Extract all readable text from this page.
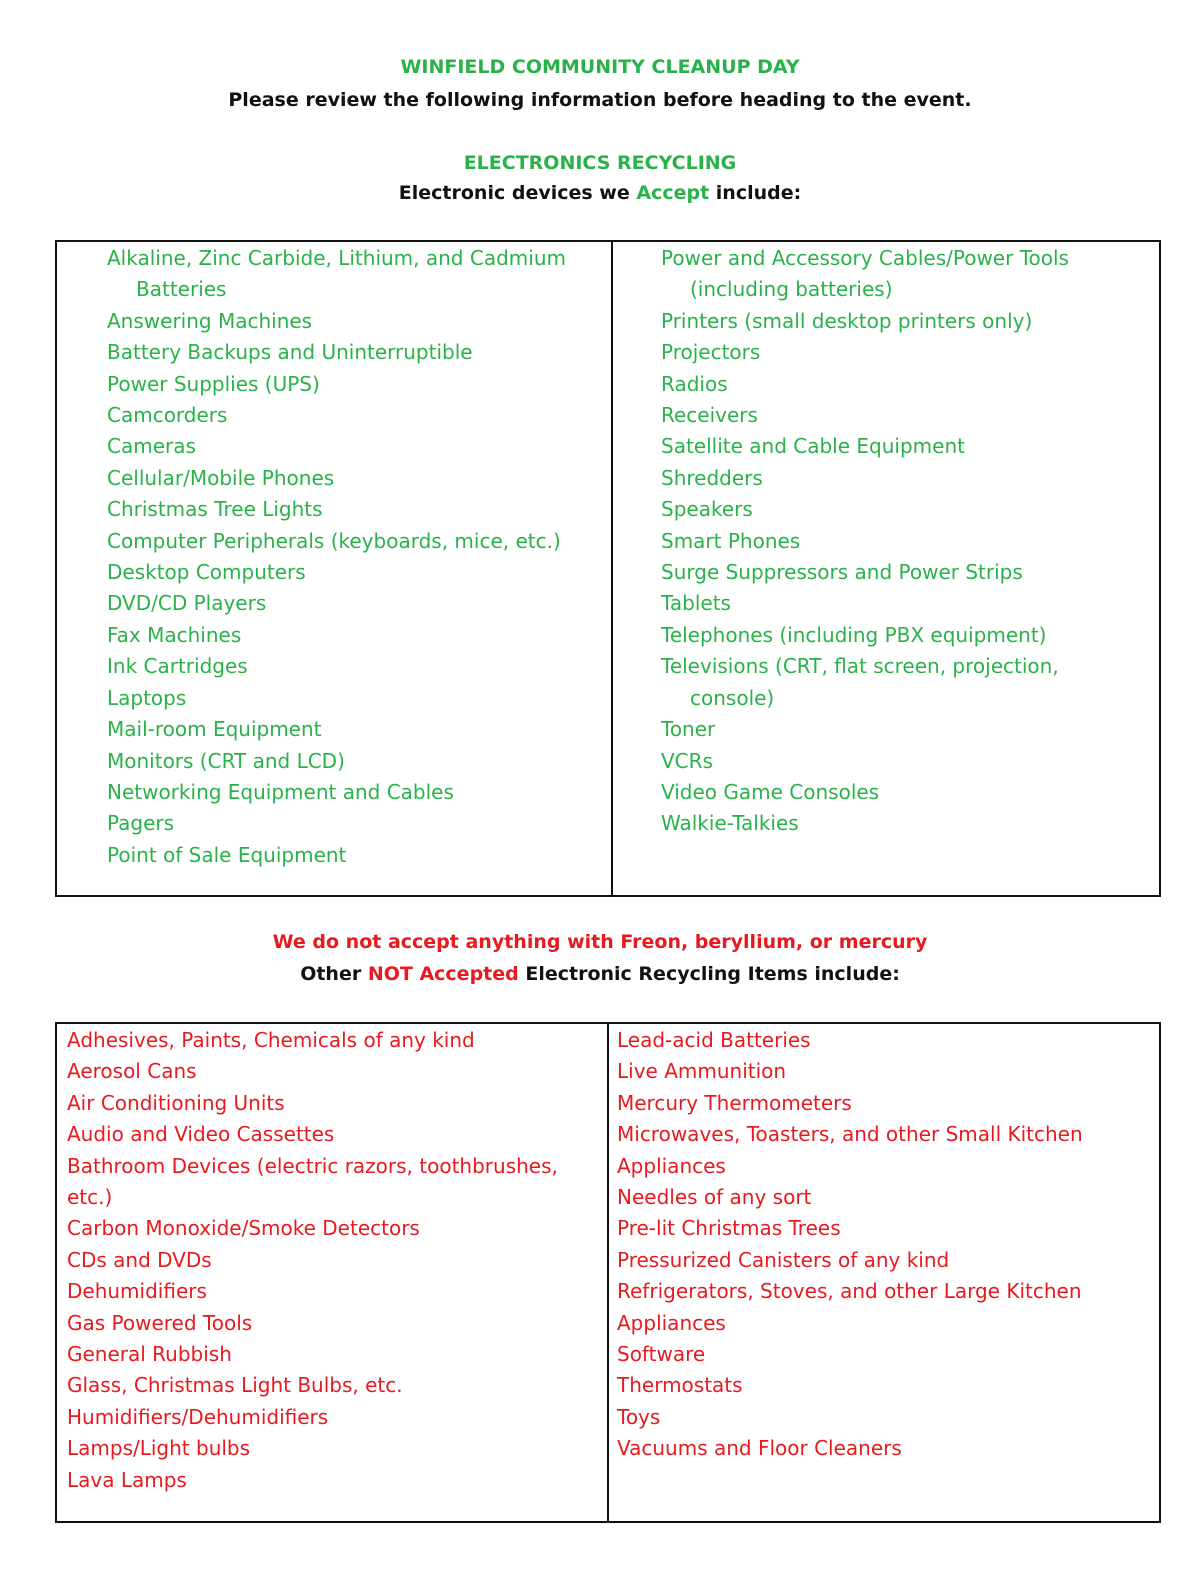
WINFIELD COMMUNITY CLEANUP DAY
Please review the following information before heading to the event.
ELECTRONICS RECYCLING
Electronic devices we Accept include:
Alkaline, Zinc Carbide, Lithium, and Cadmium
Batteries
Answering Machines
Battery Backups and Uninterruptible
Power Supplies (UPS)
Camcorders
Cameras
Cellular/Mobile Phones
Christmas Tree Lights
Computer Peripherals (keyboards, mice, etc.)
Desktop Computers
DVD/CD Players
Fax Machines
Ink Cartridges
Laptops
Mail-room Equipment
Monitors (CRT and LCD)
Networking Equipment and Cables
Pagers
Point of Sale Equipment
Power and Accessory Cables/Power Tools
(including batteries)
Printers (small desktop printers only)
Projectors
Radios
Receivers
Satellite and Cable Equipment
Shredders
Speakers
Smart Phones
Surge Suppressors and Power Strips
Tablets
Telephones (including PBX equipment)
Televisions (CRT, flat screen, projection,
console)
Toner
VCRs
Video Game Consoles
Walkie-Talkies
We do not accept anything with Freon, beryllium, or mercury
Other NOT Accepted Electronic Recycling Items include:
Adhesives, Paints, Chemicals of any kind
Aerosol Cans
Air Conditioning Units
Audio and Video Cassettes
Bathroom Devices (electric razors, toothbrushes,
etc.)
Carbon Monoxide/Smoke Detectors
CDs and DVDs
Dehumidifiers
Gas Powered Tools
General Rubbish
Glass, Christmas Light Bulbs, etc.
Humidifiers/Dehumidifiers
Lamps/Light bulbs
Lava Lamps
Lead-acid Batteries
Live Ammunition
Mercury Thermometers
Microwaves, Toasters, and other Small Kitchen
Appliances
Needles of any sort
Pre-lit Christmas Trees
Pressurized Canisters of any kind
Refrigerators, Stoves, and other Large Kitchen
Appliances
Software
Thermostats
Toys
Vacuums and Floor Cleaners
